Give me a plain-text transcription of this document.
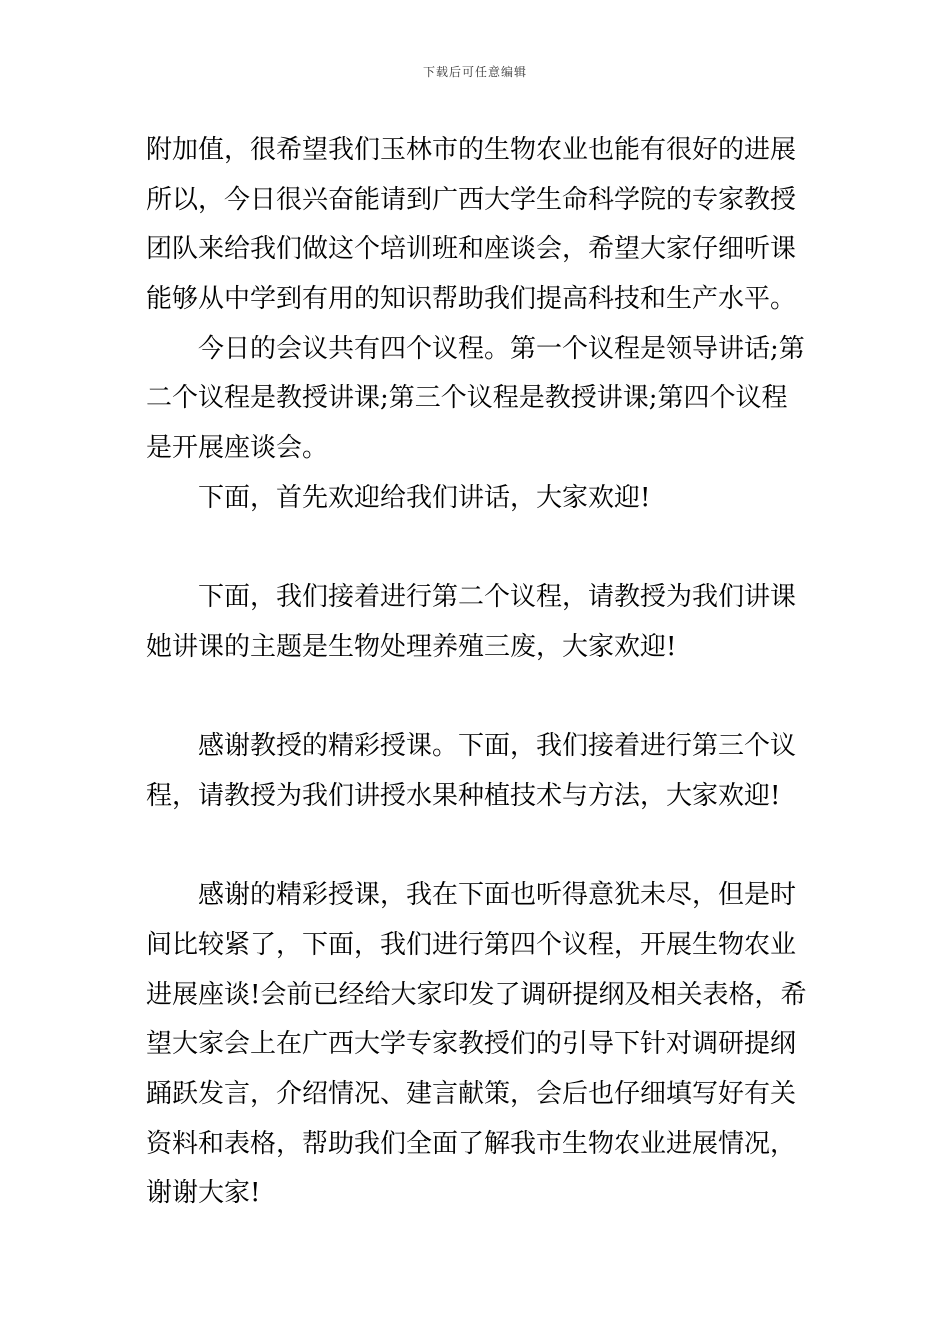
下载后可任意编辑
附加值，很希望我们玉林市的生物农业也能有很好的进展
所以，今日很兴奋能请到广西大学生命科学院的专家教授
团队来给我们做这个培训班和座谈会，希望大家仔细听课
能够从中学到有用的知识帮助我们提高科技和生产水平。
今日的会议共有四个议程。第一个议程是领导讲话;第
二个议程是教授讲课;第三个议程是教授讲课;第四个议程
是开展座谈会。
下面，首先欢迎给我们讲话，大家欢迎!
下面，我们接着进行第二个议程，请教授为我们讲课
她讲课的主题是生物处理养殖三废，大家欢迎!
感谢教授的精彩授课。下面，我们接着进行第三个议
程，请教授为我们讲授水果种植技术与方法，大家欢迎!
感谢的精彩授课，我在下面也听得意犹未尽，但是时
间比较紧了，下面，我们进行第四个议程，开展生物农业
进展座谈!会前已经给大家印发了调研提纲及相关表格，希
望大家会上在广西大学专家教授们的引导下针对调研提纲
踊跃发言，介绍情况、建言献策，会后也仔细填写好有关
资料和表格，帮助我们全面了解我市生物农业进展情况，
谢谢大家!
